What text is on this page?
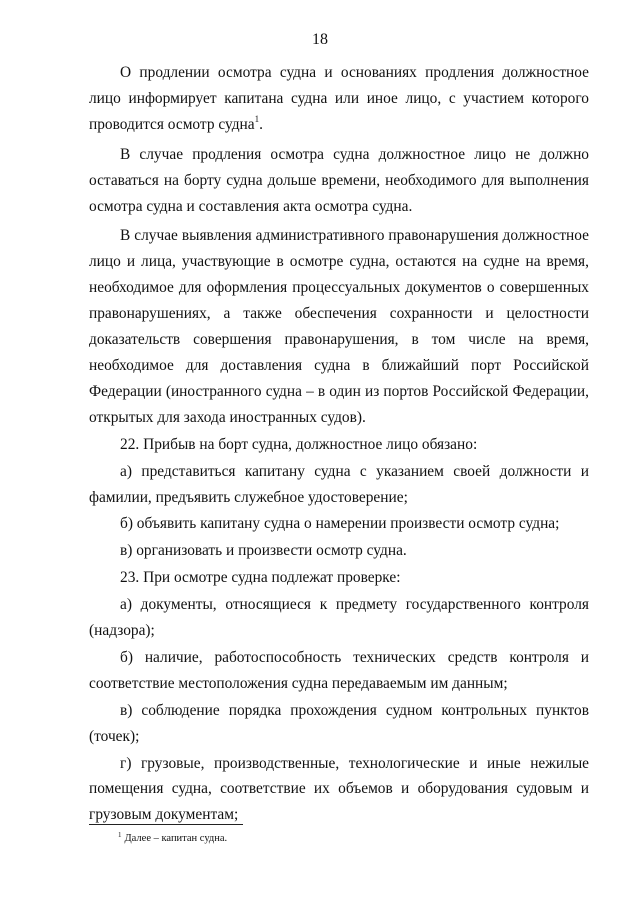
18

О продлении осмотра судна и основаниях продления должностное лицо информирует капитана судна или иное лицо, с участием которого проводится осмотр судна$^1$.

В случае продления осмотра судна должностное лицо не должно оставаться на борту судна дольше времени, необходимого для выполнения осмотра судна и составления акта осмотра судна.

В случае выявления административного правонарушения должностное лицо и лица, участвующие в осмотре судна, остаются на судне на время, необходимое для оформления процессуальных документов о совершенных правонарушениях, а также обеспечения сохранности и целостности доказательств совершения правонарушения, в том числе на время, необходимое для доставления судна в ближайший порт Российской Федерации (иностранного судна – в один из портов Российской Федерации, открытых для захода иностранных судов).

22. Прибыв на борт судна, должностное лицо обязано:

а) представиться капитану судна с указанием своей должности и фамилии, предъявить служебное удостоверение;

б) объявить капитану судна о намерении произвести осмотр судна;

в) организовать и произвести осмотр судна.

23. При осмотре судна подлежат проверке:

а) документы, относящиеся к предмету государственного контроля (надзора);

б) наличие, работоспособность технических средств контроля и соответствие местоположения судна передаваемым им данным;

в) соблюдение порядка прохождения судном контрольных пунктов (точек);

г) грузовые, производственные, технологические и иные нежилые помещения судна, соответствие их объемов и оборудования судовым и грузовым документам;

$^1$ Далее – капитан судна.
